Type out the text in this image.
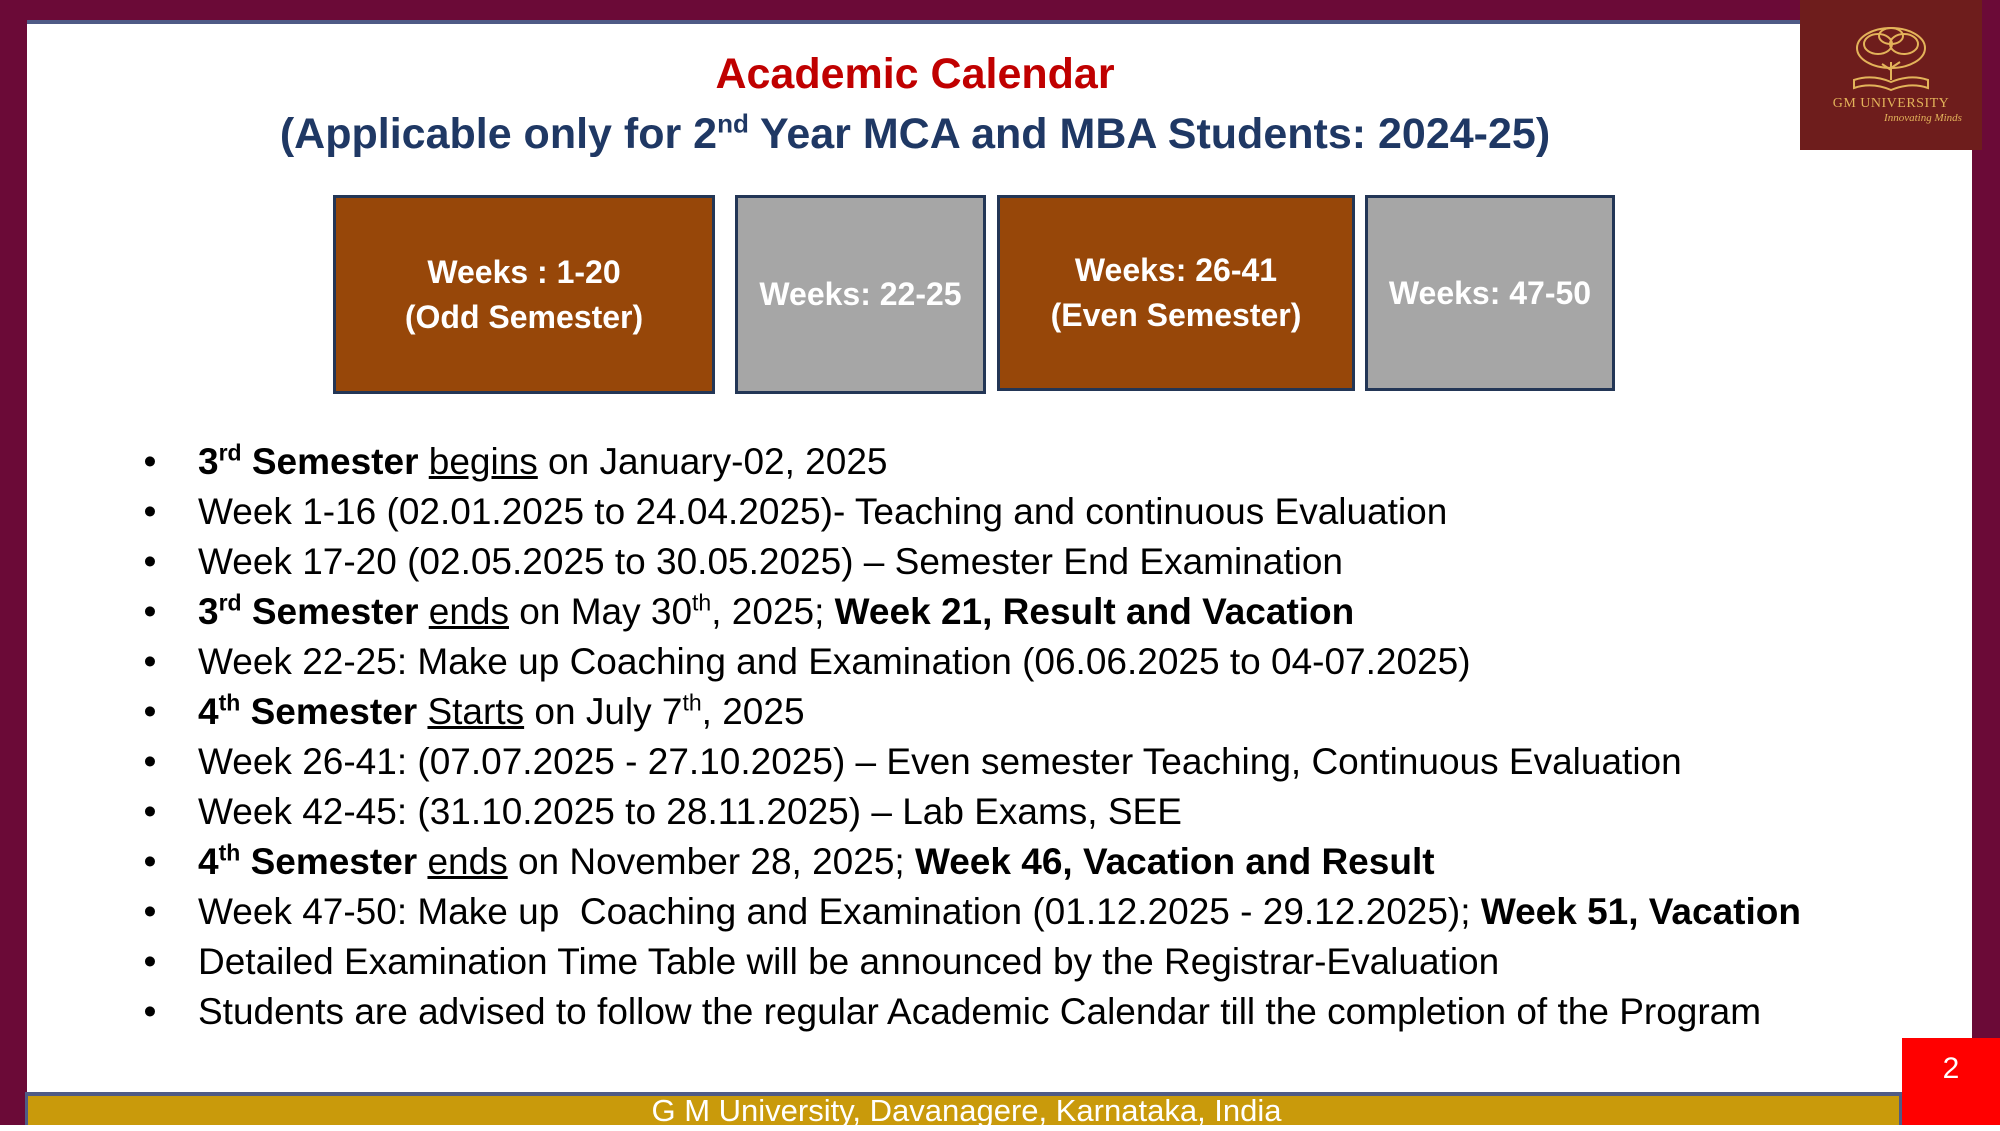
GM UNIVERSITY
Innovating Minds
Academic Calendar
(Applicable only for 2nd Year MCA and MBA Students: 2024-25)
Weeks : 1-20
(Odd Semester)
Weeks: 22-25
Weeks: 26-41
(Even Semester)
Weeks: 47-50
• 3rd Semester begins on January-02, 2025
• Week 1-16 (02.01.2025 to 24.04.2025)- Teaching and continuous Evaluation
• Week 17-20 (02.05.2025 to 30.05.2025) – Semester End Examination
• 3rd Semester ends on May 30th, 2025; Week 21, Result and Vacation
• Week 22-25: Make up Coaching and Examination (06.06.2025 to 04-07.2025)
• 4th Semester Starts on July 7th, 2025
• Week 26-41: (07.07.2025 - 27.10.2025) – Even semester Teaching, Continuous Evaluation
• Week 42-45: (31.10.2025 to 28.11.2025) – Lab Exams, SEE
• 4th Semester ends on November 28, 2025; Week 46, Vacation and Result
• Week 47-50: Make up  Coaching and Examination (01.12.2025 - 29.12.2025); Week 51, Vacation
• Detailed Examination Time Table will be announced by the Registrar-Evaluation
• Students are advised to follow the regular Academic Calendar till the completion of the Program
G M University, Davanagere, Karnataka, India
2
